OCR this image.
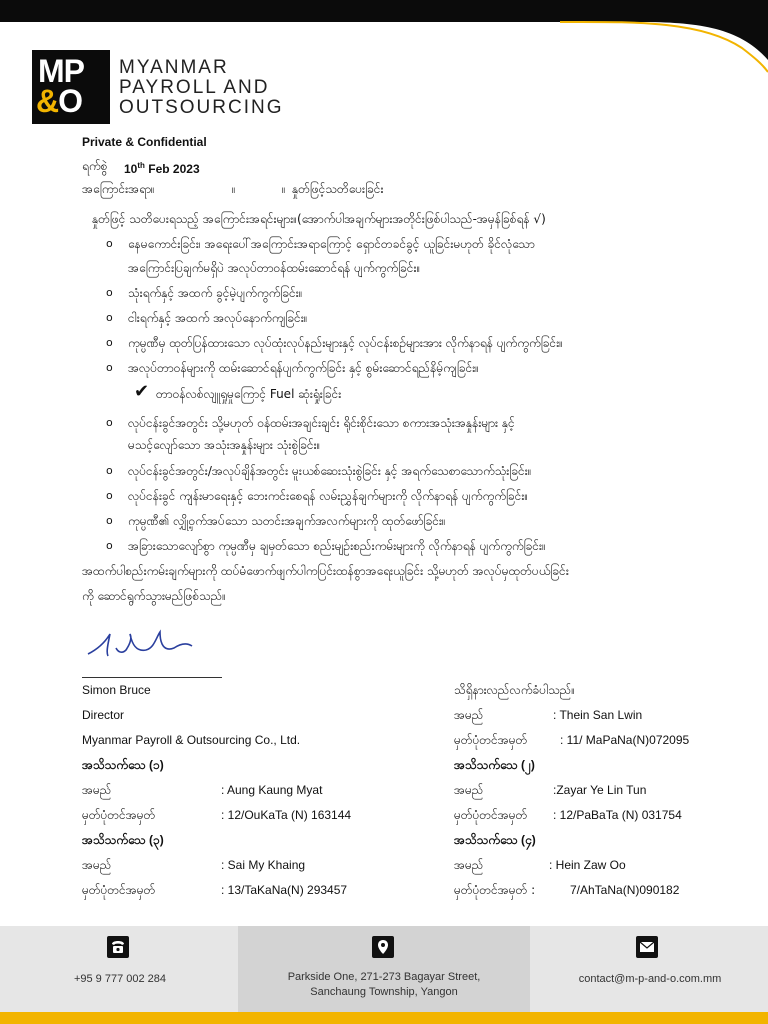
MP
&O
MYANMAR
PAYROLL AND
OUTSOURCING
Private & Confidential
ရက်စွဲ 10th Feb 2023
အကြောင်းအရာ။	။	။ နှုတ်ဖြင့်သတိပေးခြင်း
နှုတ်ဖြင့် သတိပေးရသည့် အကြောင်းအရင်းများ။(အောက်ပါအချက်များအတိုင်းဖြစ်ပါသည်-အမှန်ခြစ်ရန် √)
o နေမကောင်းခြင်း၊ အရေးပေါ်အကြောင်းအရာကြောင့် ရှောင်တခင်ခွင့် ယူခြင်းမဟုတ် ခိုင်လုံသော
အကြောင်းပြချက်မရှိပဲ အလုပ်တာဝန်ထမ်းဆောင်ရန် ပျက်ကွက်ခြင်း။
o သုံးရက်နှင့် အထက် ခွင့်မဲ့ပျက်ကွက်ခြင်း။
o ငါးရက်နှင့် အထက် အလုပ်နောက်ကျခြင်း။
o ကုမ္ပဏီမှ ထုတ်ပြန်ထားသော လုပ်ထုံးလုပ်နည်းများနှင့် လုပ်ငန်းစဉ်များအား လိုက်နာရန် ပျက်ကွက်ခြင်း။
o အလုပ်တာဝန်များကို ထမ်းဆောင်ရန်ပျက်ကွက်ခြင်း နှင့် စွမ်းဆောင်ရည်နိမ့်ကျခြင်း။
✔ တာဝန်လစ်လျူရှုမှုကြောင့် Fuel ဆုံးရှုံးခြင်း
o လုပ်ငန်းခွင်အတွင်း သို့မဟုတ် ဝန်ထမ်းအချင်းချင်း ရိုင်းစိုင်းသော စကားအသုံးအနှုန်းများ နှင့်
မသင့်လျော်သော အသုံးအနှုန်းများ သုံးစွဲခြင်း။
o လုပ်ငန်းခွင်အတွင်း/အလုပ်ချိန်အတွင်း မူးယစ်ဆေးသုံးစွဲခြင်း နှင့် အရက်သေစာသောက်သုံးခြင်း။
o လုပ်ငန်းခွင် ကျန်းမာရေးနှင့် ဘေးကင်းစေရန် လမ်းညွှန်ချက်များကို လိုက်နာရန် ပျက်ကွက်ခြင်း။
o ကုမ္ပဏီ၏ လျှို့ဝှက်အပ်သော သတင်းအချက်အလက်များကို ထုတ်ဖော်ခြင်း။
o အခြားသောလျော်စွာ ကုမ္ပဏီမှ ချမှတ်သော စည်းမျဉ်းစည်းကမ်းများကို လိုက်နာရန် ပျက်ကွက်ခြင်း။
အထက်ပါစည်းကမ်းချက်များကို ထပ်မံဖောက်ဖျက်ပါကပြင်းထန်စွာအရေးယူခြင်း သို့မဟုတ် အလုပ်မှထုတ်ပယ်ခြင်း
ကို ဆောင်ရွက်သွားမည်ဖြစ်သည်။
Simon Bruce
Simon Bruce
Director
Myanmar Payroll & Outsourcing Co., Ltd.
သိရှိနားလည်လက်ခံပါသည်။
အမည်	: Thein San Lwin
မှတ်ပုံတင်အမှတ်	: 11/ MaPaNa(N)072095
အသိသက်သေ (၁)
အမည်	: Aung Kaung Myat
မှတ်ပုံတင်အမှတ်	: 12/OuKaTa (N) 163144
အသိသက်သေ (၂)
အမည်	:Zayar Ye Lin Tun
မှတ်ပုံတင်အမှတ် : 12/PaBaTa (N) 031754
အသိသက်သေ (၃)
အမည်	: Sai My Khaing
မှတ်ပုံတင်အမှတ်	: 13/TaKaNa(N) 293457
အသိသက်သေ (၄)
အမည်	: Hein Zaw Oo
မှတ်ပုံတင်အမှတ် :	7/AhTaNa(N)090182
+95 9 777 002 284	Parkside One, 271-273 Bagayar Street,
Sanchaung Township, Yangon
contact@m-p-and-o.com.mm
